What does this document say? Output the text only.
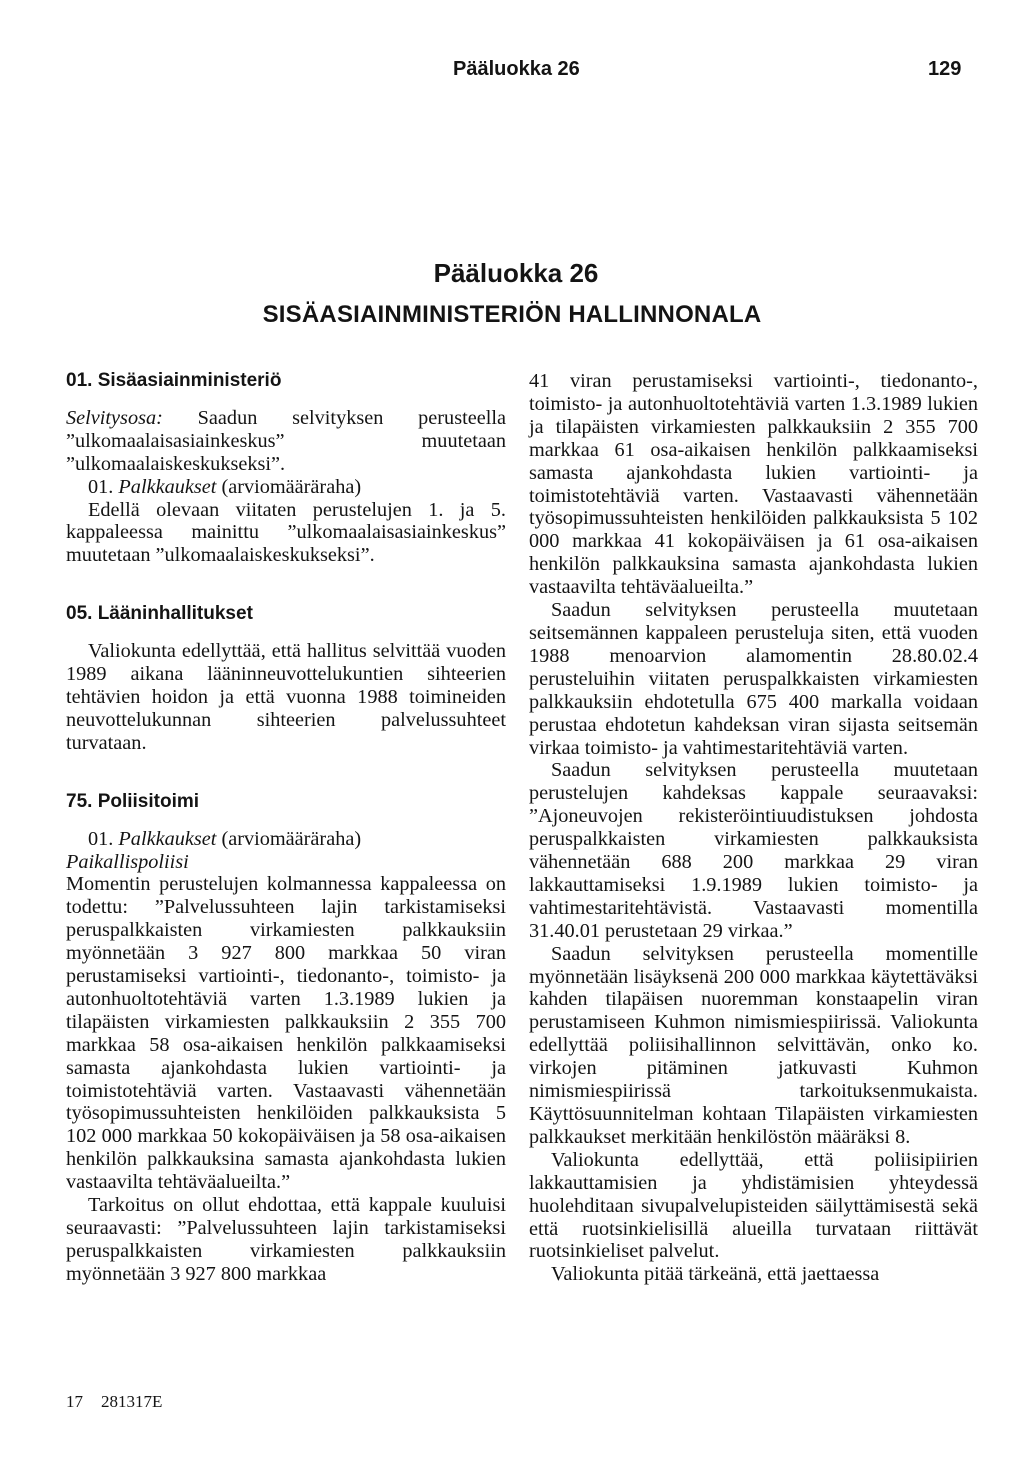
Pääluokka 26	129
Pääluokka 26
SISÄASIAINMINISTERIÖN HALLINNONALA

01. Sisäasiainministeriö

Selvitysosa: Saadun selvityksen perusteella ”ulkomaalaisasiainkeskus” muutetaan ”ulkomaalaiskeskukseksi”.

01. Palkkaukset (arviomääräraha)

Edellä olevaan viitaten perustelujen 1. ja 5. kappaleessa mainittu ”ulkomaalaisasiainkeskus” muutetaan ”ulkomaalaiskeskukseksi”.

05. Lääninhallitukset

Valiokunta edellyttää, että hallitus selvittää vuoden 1989 aikana lääninneuvottelukuntien sihteerien tehtävien hoidon ja että vuonna 1988 toimineiden neuvottelukunnan sihteerien palvelussuhteet turvataan.

75. Poliisitoimi

01. Palkkaukset (arviomääräraha)

Paikallispoliisi

Momentin perustelujen kolmannessa kappaleessa on todettu: ”Palvelussuhteen lajin tarkistamiseksi peruspalkkaisten virkamiesten palkkauksiin myönnetään 3 927 800 markkaa 50 viran perustamiseksi vartiointi-, tiedonanto-, toimisto- ja autonhuoltotehtäviä varten 1.3.1989 lukien ja tilapäisten virkamiesten palkkauksiin 2 355 700 markkaa 58 osa-aikaisen henkilön palkkaamiseksi samasta ajankohdasta lukien vartiointi- ja toimistotehtäviä varten. Vastaavasti vähennetään työsopimussuhteisten henkilöiden palkkauksista 5 102 000 markkaa 50 kokopäiväisen ja 58 osa-aikaisen henkilön palkkauksina samasta ajankohdasta lukien vastaavilta tehtäväalueilta.”

Tarkoitus on ollut ehdottaa, että kappale kuuluisi seuraavasti: ”Palvelussuhteen lajin tarkistamiseksi peruspalkkaisten virkamiesten palkkauksiin myönnetään 3 927 800 markkaa

41 viran perustamiseksi vartiointi-, tiedonanto-, toimisto- ja autonhuoltotehtäviä varten 1.3.1989 lukien ja tilapäisten virkamiesten palkkauksiin 2 355 700 markkaa 61 osa-aikaisen henkilön palkkaamiseksi samasta ajankohdasta lukien vartiointi- ja toimistotehtäviä varten. Vastaavasti vähennetään työsopimussuhteisten henkilöiden palkkauksista 5 102 000 markkaa 41 kokopäiväisen ja 61 osa-aikaisen henkilön palkkauksina samasta ajankohdasta lukien vastaavilta tehtäväalueilta.”

Saadun selvityksen perusteella muutetaan seitsemännen kappaleen perusteluja siten, että vuoden 1988 menoarvion alamomentin 28.80.02.4 perusteluihin viitaten peruspalkkaisten virkamiesten palkkauksiin ehdotetulla 675 400 markalla voidaan perustaa ehdotetun kahdeksan viran sijasta seitsemän virkaa toimisto- ja vahtimestaritehtäviä varten.

Saadun selvityksen perusteella muutetaan perustelujen kahdeksas kappale seuraavaksi: ”Ajoneuvojen rekisteröintiuudistuksen johdosta peruspalkkaisten virkamiesten palkkauksista vähennetään 688 200 markkaa 29 viran lakkauttamiseksi 1.9.1989 lukien toimisto- ja vahtimestaritehtävistä. Vastaavasti momentilla 31.40.01 perustetaan 29 virkaa.”

Saadun selvityksen perusteella momentille myönnetään lisäyksenä 200 000 markkaa käytettäväksi kahden tilapäisen nuoremman konstaapelin viran perustamiseen Kuhmon nimismiespiirissä. Valiokunta edellyttää poliisihallinnon selvittävän, onko ko. virkojen pitäminen jatkuvasti Kuhmon nimismiespiirissä tarkoituksenmukaista. Käyttösuunnitelman kohtaan Tilapäisten virkamiesten palkkaukset merkitään henkilöstön määräksi 8.

Valiokunta edellyttää, että poliisipiirien lakkauttamisien ja yhdistämisien yhteydessä huolehditaan sivupalvelupisteiden säilyttämisestä sekä että ruotsinkielisillä alueilla turvataan riittävät ruotsinkieliset palvelut.

Valiokunta pitää tärkeänä, että jaettaessa

17 281317E
